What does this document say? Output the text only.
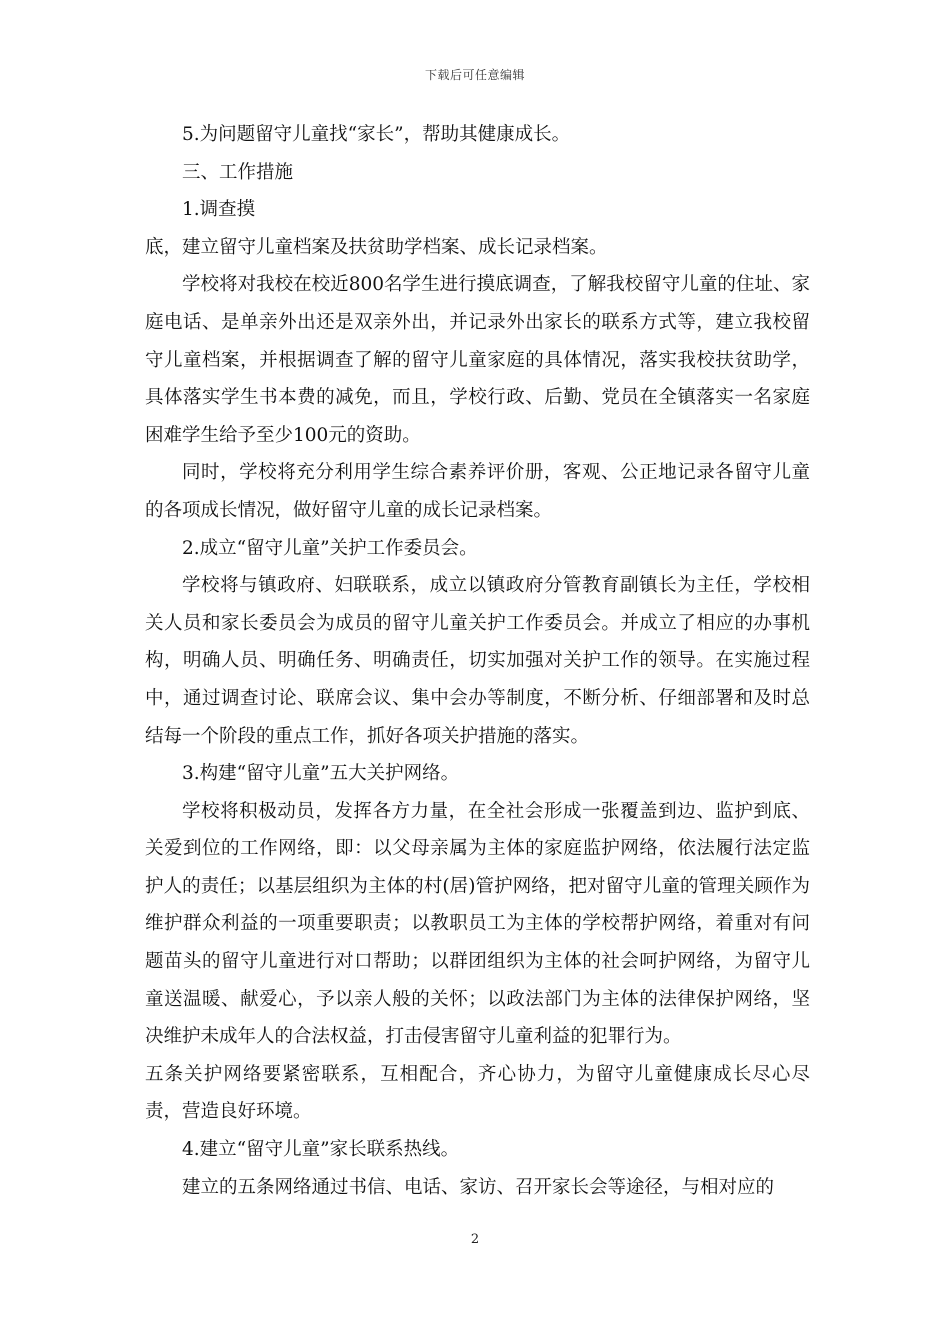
下载后可任意编辑

5.为问题留守儿童找“家长”，帮助其健康成长。

三、工作措施

1.调查摸

底，建立留守儿童档案及扶贫助学档案、成长记录档案。

学校将对我校在校近800名学生进行摸底调查，了解我校留守儿童的住址、家庭电话、是单亲外出还是双亲外出，并记录外出家长的联系方式等，建立我校留守儿童档案，并根据调查了解的留守儿童家庭的具体情况，落实我校扶贫助学，具体落实学生书本费的减免，而且，学校行政、后勤、党员在全镇落实一名家庭困难学生给予至少100元的资助。

同时，学校将充分利用学生综合素养评价册，客观、公正地记录各留守儿童的各项成长情况，做好留守儿童的成长记录档案。

2.成立“留守儿童”关护工作委员会。

学校将与镇政府、妇联联系，成立以镇政府分管教育副镇长为主任，学校相关人员和家长委员会为成员的留守儿童关护工作委员会。并成立了相应的办事机构，明确人员、明确任务、明确责任，切实加强对关护工作的领导。在实施过程中，通过调查讨论、联席会议、集中会办等制度，不断分析、仔细部署和及时总结每一个阶段的重点工作，抓好各项关护措施的落实。

3.构建“留守儿童”五大关护网络。

学校将积极动员，发挥各方力量，在全社会形成一张覆盖到边、监护到底、关爱到位的工作网络，即：以父母亲属为主体的家庭监护网络，依法履行法定监护人的责任；以基层组织为主体的村(居)管护网络，把对留守儿童的管理关顾作为维护群众利益的一项重要职责；以教职员工为主体的学校帮护网络，着重对有问题苗头的留守儿童进行对口帮助；以群团组织为主体的社会呵护网络，为留守儿童送温暖、献爱心，予以亲人般的关怀；以政法部门为主体的法律保护网络，坚决维护未成年人的合法权益，打击侵害留守儿童利益的犯罪行为。

五条关护网络要紧密联系，互相配合，齐心协力，为留守儿童健康成长尽心尽责，营造良好环境。

4.建立“留守儿童”家长联系热线。

建立的五条网络通过书信、电话、家访、召开家长会等途径，与相对应的

2
